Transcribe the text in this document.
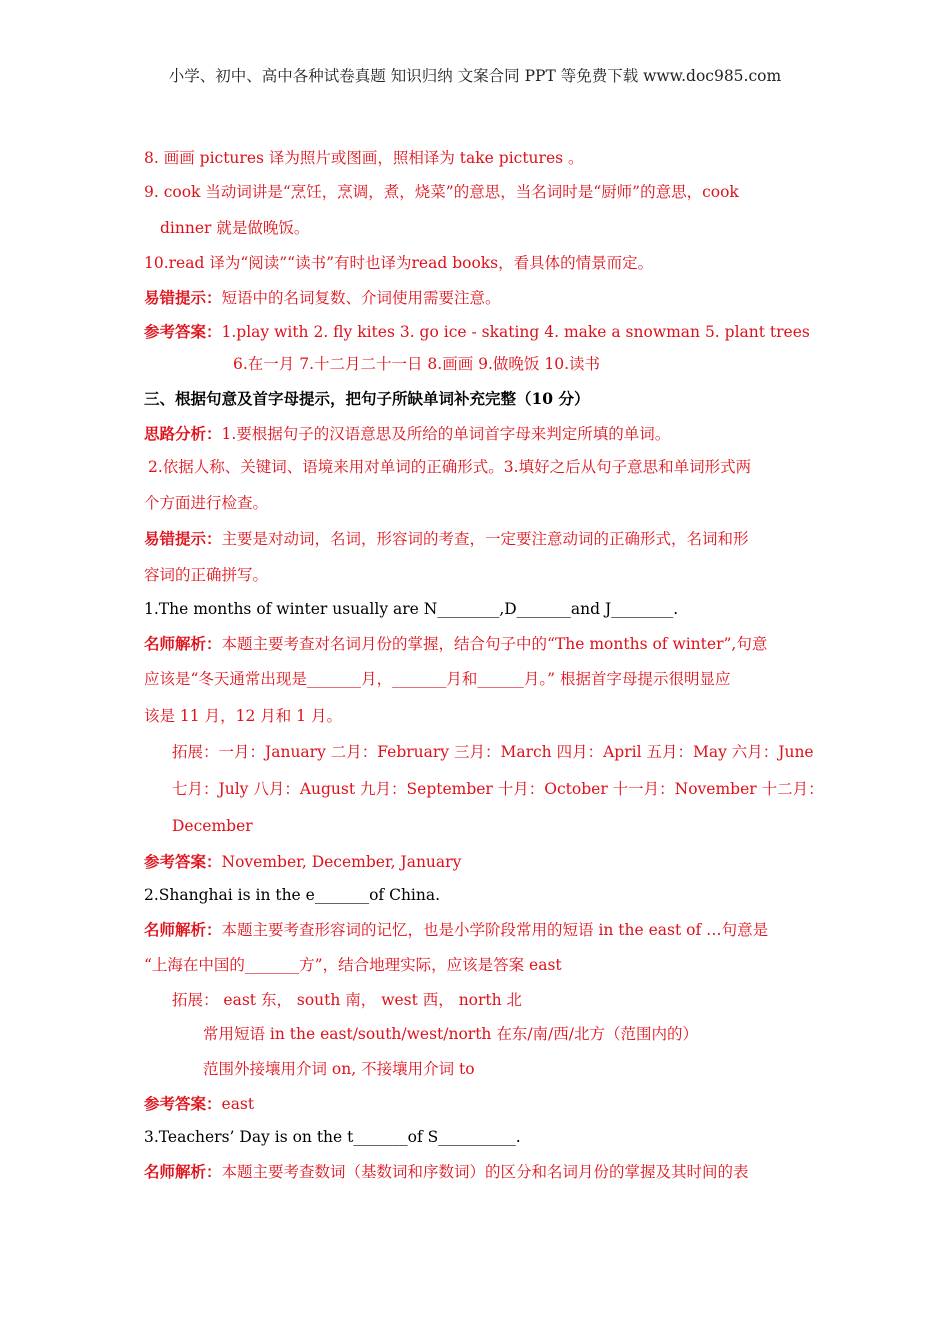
小学、初中、高中各种试卷真题 知识归纳 文案合同 PPT 等免费下载 www.doc985.com
8. 画画 pictures 译为照片或图画，照相译为 take pictures 。
9. cook 当动词讲是“烹饪，烹调，煮，烧菜”的意思，当名词时是“厨师”的意思，cook
dinner 就是做晚饭。
10.read 译为“阅读”“读书”有时也译为read books，看具体的情景而定。
易错提示：短语中的名词复数、介词使用需要注意。
参考答案：1.play with 2. fly kites 3. go ice - skating 4. make a snowman 5. plant trees
6.在一月 7.十二月二十一日 8.画画 9.做晚饭 10.读书
三、根据句意及首字母提示，把句子所缺单词补充完整（10 分）
思路分析：1.要根据句子的汉语意思及所给的单词首字母来判定所填的单词。
2.依据人称、关键词、语境来用对单词的正确形式。3.填好之后从句子意思和单词形式两
个方面进行检查。
易错提示：主要是对动词，名词，形容词的考查，一定要注意动词的正确形式，名词和形
容词的正确拼写。
1.The months of winter usually are N________,D_______and J________.
名师解析：本题主要考查对名词月份的掌握，结合句子中的“The months of winter”,句意
应该是“冬天通常出现是_______月，_______月和______月。” 根据首字母提示很明显应
该是 11 月，12 月和 1 月。
拓展：一月：January 二月：February 三月：March 四月：April 五月：May 六月：June
七月：July 八月：August 九月：September 十月：October 十一月：November 十二月：
December
参考答案：November, December, January
2.Shanghai is in the e_______of China.
名师解析：本题主要考查形容词的记忆，也是小学阶段常用的短语 in the east of …句意是
“上海在中国的_______方”，结合地理实际，应该是答案 east
拓展： east 东， south 南， west 西， north 北
常用短语 in the east/south/west/north 在东/南/西/北方（范围内的）
范围外接壤用介词 on, 不接壤用介词 to
参考答案：east
3.Teachers’ Day is on the t_______of S__________.
名师解析：本题主要考查数词（基数词和序数词）的区分和名词月份的掌握及其时间的表
